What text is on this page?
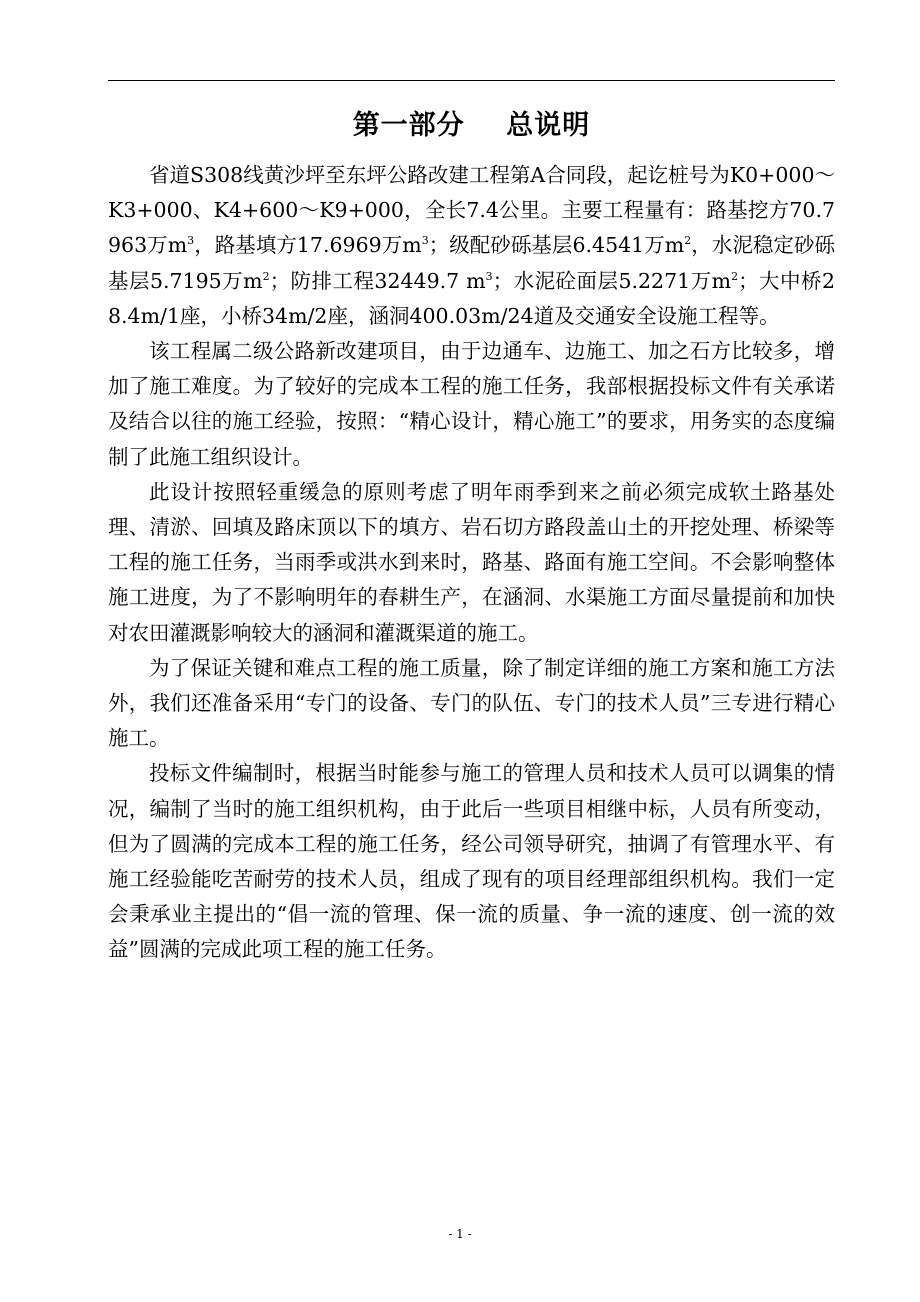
第一部分    总说明

省道S308线黄沙坪至东坪公路改建工程第A合同段，起讫桩号为K0+000～K3+000、K4+600～K9+000，全长7.4公里。主要工程量有：路基挖方70.7963万$m^3$，路基填方17.6969万$m^3$；级配砂砾基层6.4541万$m^2$，水泥稳定砂砾基层5.7195万$m^2$；防排工程32449.7 $m^3$；水泥砼面层5.2271万$m^2$；大中桥28.4m/1座，小桥34m/2座，涵洞400.03m/24道及交通安全设施工程等。

该工程属二级公路新改建项目，由于边通车、边施工、加之石方比较多，增加了施工难度。为了较好的完成本工程的施工任务，我部根据投标文件有关承诺及结合以往的施工经验，按照：“精心设计，精心施工”的要求，用务实的态度编制了此施工组织设计。

此设计按照轻重缓急的原则考虑了明年雨季到来之前必须完成软土路基处理、清淤、回填及路床顶以下的填方、岩石切方路段盖山土的开挖处理、桥梁等工程的施工任务，当雨季或洪水到来时，路基、路面有施工空间。不会影响整体施工进度，为了不影响明年的春耕生产，在涵洞、水渠施工方面尽量提前和加快对农田灌溉影响较大的涵洞和灌溉渠道的施工。

为了保证关键和难点工程的施工质量，除了制定详细的施工方案和施工方法外，我们还准备采用“专门的设备、专门的队伍、专门的技术人员”三专进行精心施工。

投标文件编制时，根据当时能参与施工的管理人员和技术人员可以调集的情况，编制了当时的施工组织机构，由于此后一些项目相继中标，人员有所变动，但为了圆满的完成本工程的施工任务，经公司领导研究，抽调了有管理水平、有施工经验能吃苦耐劳的技术人员，组成了现有的项目经理部组织机构。我们一定会秉承业主提出的“倡一流的管理、保一流的质量、争一流的速度、创一流的效益”圆满的完成此项工程的施工任务。

- 1 -
